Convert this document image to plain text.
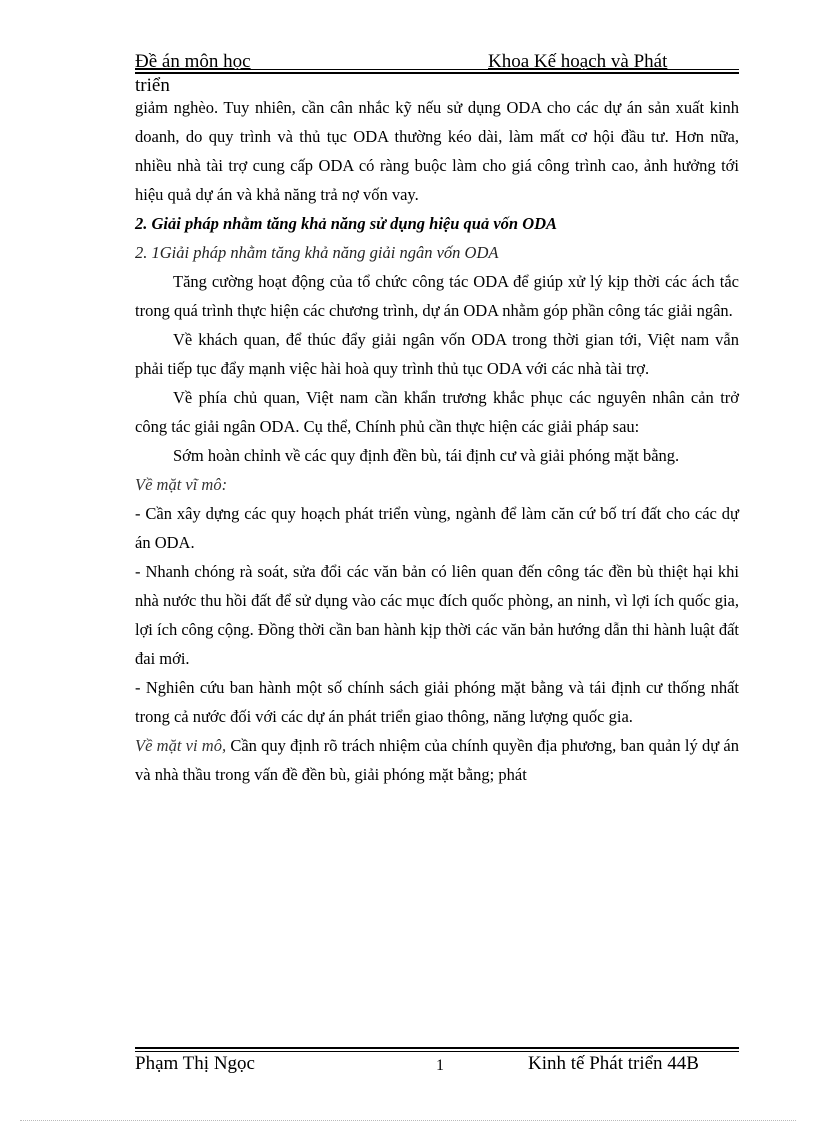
Đề án môn học	Khoa Kế hoạch và Phát
triển

giảm nghèo. Tuy nhiên, cần cân nhắc kỹ nếu sử dụng ODA cho các dự án sản xuất kinh doanh, do quy trình và thủ tục ODA thường kéo dài, làm mất cơ hội đầu tư. Hơn nữa, nhiều nhà tài trợ cung cấp ODA có ràng buộc làm cho giá công trình cao, ảnh hưởng tới hiệu quả dự án và khả năng trả nợ vốn vay.

2. Giải pháp nhằm tăng khả năng sử dụng hiệu quả vốn ODA

2. 1Giải pháp nhằm tăng khả năng giải ngân vốn ODA

Tăng cường hoạt động của tổ chức công tác ODA để giúp xử lý kịp thời các ách tắc trong quá trình thực hiện các chương trình, dự án ODA nhằm góp phần công tác giải ngân.

Về khách quan, để thúc đẩy giải ngân vốn ODA trong thời gian tới, Việt nam vẫn phải tiếp tục đẩy mạnh việc hài hoà quy trình thủ tục ODA với các nhà tài trợ.

Về phía chủ quan, Việt nam cần khẩn trương khắc phục các nguyên nhân cản trở công tác giải ngân ODA. Cụ thể, Chính phủ cần thực hiện các giải pháp sau:

Sớm hoàn chỉnh về các quy định đền bù, tái định cư và giải phóng mặt bằng.

Về mặt vĩ mô:

- Cần xây dựng các quy hoạch phát triển vùng, ngành để làm căn cứ bố trí đất cho các dự án ODA.

- Nhanh chóng rà soát, sửa đổi các văn bản có liên quan đến công tác đền bù thiệt hại khi nhà nước thu hồi đất để sử dụng vào các mục đích quốc phòng, an ninh, vì lợi ích quốc gia, lợi ích công cộng. Đồng thời cần ban hành kịp thời các văn bản hướng dẫn thi hành luật đất đai mới.

- Nghiên cứu ban hành một số chính sách giải phóng mặt bằng và tái định cư thống nhất trong cả nước đối với các dự án phát triển giao thông, năng lượng quốc gia.

Về mặt vi mô, Cần quy định rõ trách nhiệm của chính quyền địa phương, ban quản lý dự án và nhà thầu trong vấn đề đền bù, giải phóng mặt bằng; phát

Phạm Thị Ngọc	1	Kinh tế Phát triển 44B
